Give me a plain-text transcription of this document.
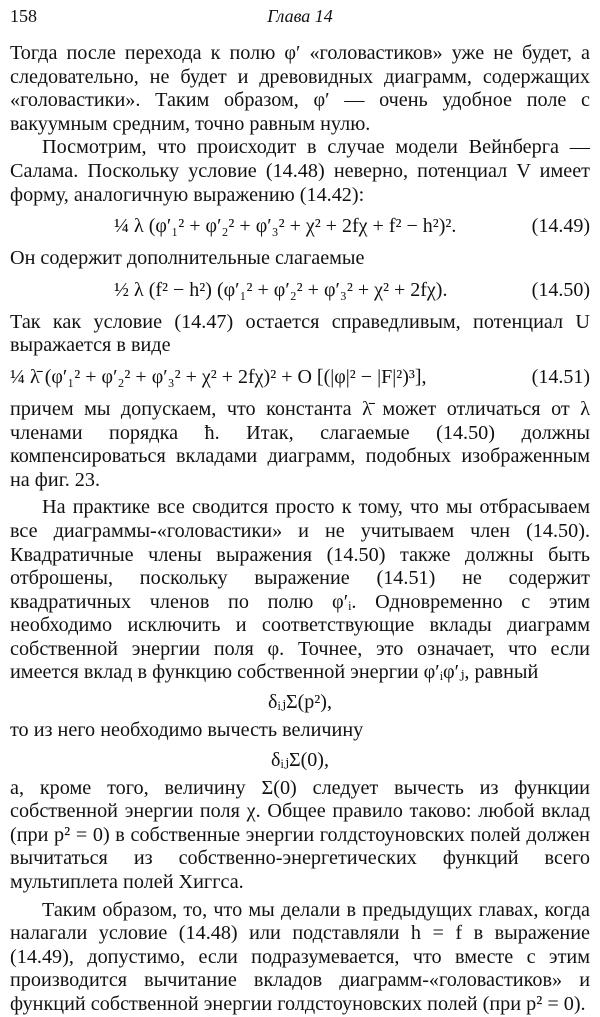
158	Глава 14

Тогда после перехода к полю φ′ «головастиков» уже не будет, а следовательно, не будет и древовидных диаграмм, содержащих «головастики». Таким образом, φ′ — очень удобное поле с вакуумным средним, точно равным нулю.

Посмотрим, что происходит в случае модели Вейнберга — Салама. Поскольку условие (14.48) неверно, потенциал V имеет форму, аналогичную выражению (14.42):

¼ λ (φ′₁² + φ′₂² + φ′₃² + χ² + 2fχ + f² − h²)².	(14.49)

Он содержит дополнительные слагаемые

½ λ (f² − h²) (φ′₁² + φ′₂² + φ′₃² + χ² + 2fχ).	(14.50)

Так как условие (14.47) остается справедливым, потенциал U выражается в виде

¼ λ̄ (φ′₁² + φ′₂² + φ′₃² + χ² + 2fχ)² + O [(|φ|² − |F|²)³],	(14.51)

причем мы допускаем, что константа λ̄ может отличаться от λ членами порядка ħ. Итак, слагаемые (14.50) должны компенсироваться вкладами диаграмм, подобных изображенным на фиг. 23.

На практике все сводится просто к тому, что мы отбрасываем все диаграммы-«головастики» и не учитываем член (14.50). Квадратичные члены выражения (14.50) также должны быть отброшены, поскольку выражение (14.51) не содержит квадратичных членов по полю φ′ᵢ. Одновременно с этим необходимо исключить и соответствующие вклады диаграмм собственной энергии поля φ. Точнее, это означает, что если имеется вклад в функцию собственной энергии φ′ᵢφ′ⱼ, равный

δᵢⱼΣ(p²),

то из него необходимо вычесть величину

δᵢⱼΣ(0),

а, кроме того, величину Σ(0) следует вычесть из функции собственной энергии поля χ. Общее правило таково: любой вклад (при p² = 0) в собственные энергии голдстоуновских полей должен вычитаться из собственно-энергетических функций всего мультиплета полей Хиггса.

Таким образом, то, что мы делали в предыдущих главах, когда налагали условие (14.48) или подставляли h = f в выражение (14.49), допустимо, если подразумевается, что вместе с этим производится вычитание вкладов диаграмм-«головастиков» и функций собственной энергии голдстоуновских полей (при p² = 0).
